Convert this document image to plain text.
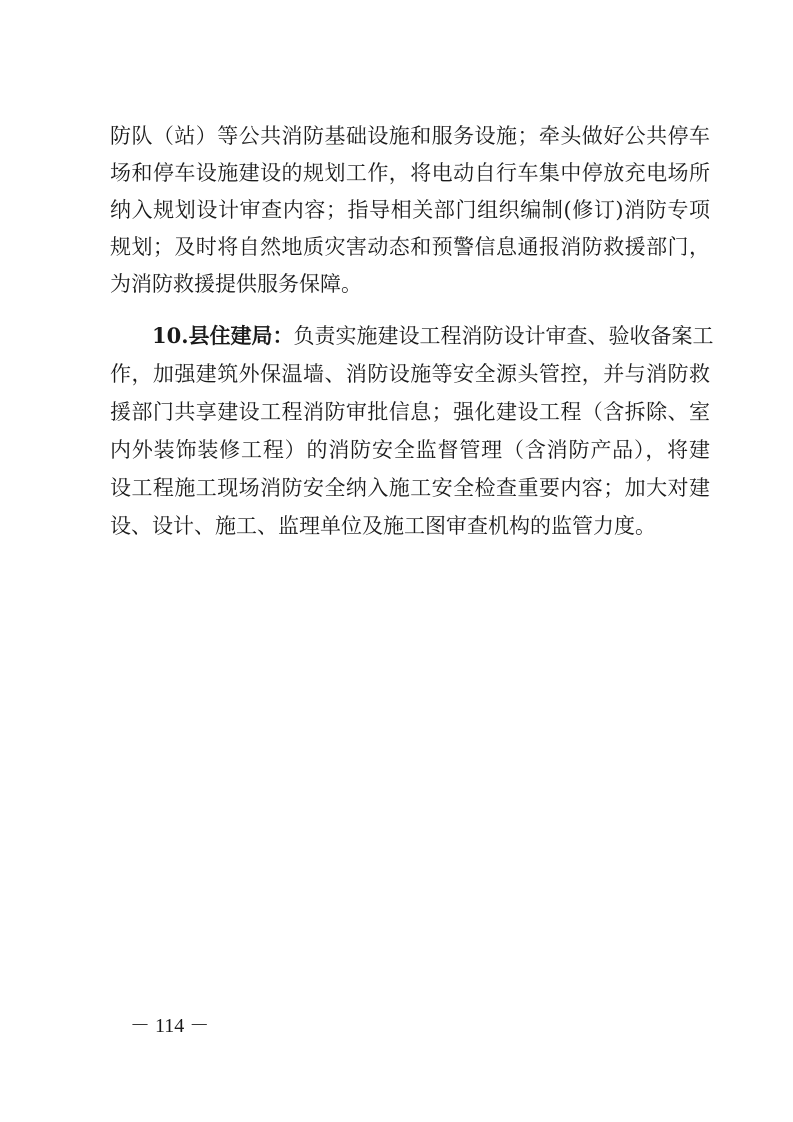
防队（站）等公共消防基础设施和服务设施；牵头做好公共停车
场和停车设施建设的规划工作，将电动自行车集中停放充电场所
纳入规划设计审查内容；指导相关部门组织编制(修订)消防专项
规划；及时将自然地质灾害动态和预警信息通报消防救援部门，
为消防救援提供服务保障。
10.县住建局：负责实施建设工程消防设计审查、验收备案工
作，加强建筑外保温墙、消防设施等安全源头管控，并与消防救
援部门共享建设工程消防审批信息；强化建设工程（含拆除、室
内外装饰装修工程）的消防安全监督管理（含消防产品），将建
设工程施工现场消防安全纳入施工安全检查重要内容；加大对建
设、设计、施工、监理单位及施工图审查机构的监管力度。
－ 114 －
